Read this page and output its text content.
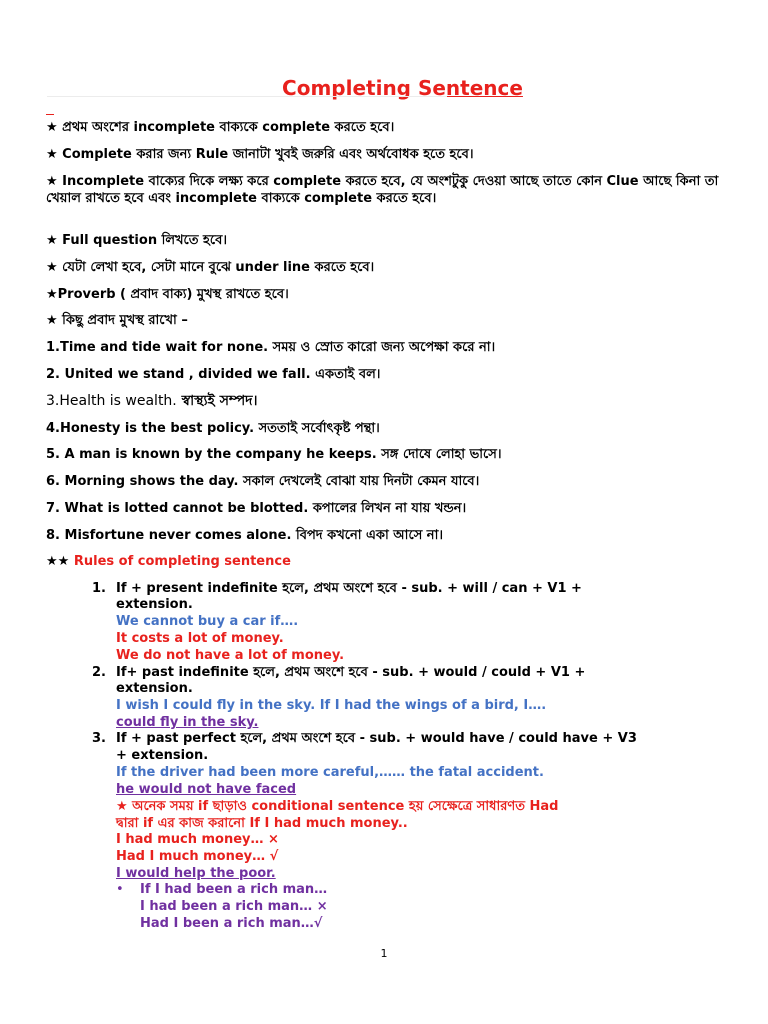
Completing Sentence
★ প্রথম অংশের incomplete বাক্যকে complete করতে হবে।
★ Complete করার জন্য Rule জানাটা খুবই জরুরি এবং অর্থবোধক হতে হবে।
★ Incomplete বাক্যের দিকে লক্ষ্য করে complete করতে হবে, যে অংশটুকু দেওয়া আছে তাতে কোন Clue আছে কিনা তা খেয়াল রাখতে হবে এবং incomplete বাক্যকে complete করতে হবে।
★ Full question লিখতে হবে।
★ যেটা লেখা হবে, সেটা মানে বুঝে under line করতে হবে।
★Proverb ( প্রবাদ বাক্য) মুখস্থ রাখতে হবে।
★ কিছু প্রবাদ মুখস্থ রাখো –
1.Time and tide wait for none. সময় ও স্রোত কারো জন্য অপেক্ষা করে না।
2. United we stand , divided we fall. একতাই বল।
3.Health is wealth. স্বাস্থ্যই সম্পদ।
4.Honesty is the best policy. সততাই সর্বোৎকৃষ্ট পন্থা।
5. A man is known by the company he keeps. সঙ্গ দোষে লোহা ভাসে।
6. Morning shows the day. সকাল দেখলেই বোঝা যায় দিনটা কেমন যাবে।
7. What is lotted cannot be blotted. কপালের লিখন না যায় খন্ডন।
8. Misfortune never comes alone. বিপদ কখনো একা আসে না।
★★ Rules of completing sentence
1. If + present indefinite হলে, প্রথম অংশে হবে - sub. + will / can + V1 +
extension.
We cannot buy a car if….
It costs a lot of money.
We do not have a lot of money.
2. If+ past indefinite হলে, প্রথম অংশে হবে - sub. + would / could + V1 +
extension.
I wish I could fly in the sky. If I had the wings of a bird, I….
could fly in the sky.
3. If + past perfect হলে, প্রথম অংশে হবে - sub. + would have / could have + V3
+ extension.
If the driver had been more careful,…… the fatal accident.
he would not have faced
★ অনেক সময় if ছাড়াও conditional sentence হয় সেক্ষেত্রে সাধারণত Had
দ্বারা if এর কাজ করানো If I had much money..
I had much money… ×
Had I much money… √
I would help the poor.
• If I had been a rich man…
I had been a rich man… ×
Had I been a rich man…√
1
